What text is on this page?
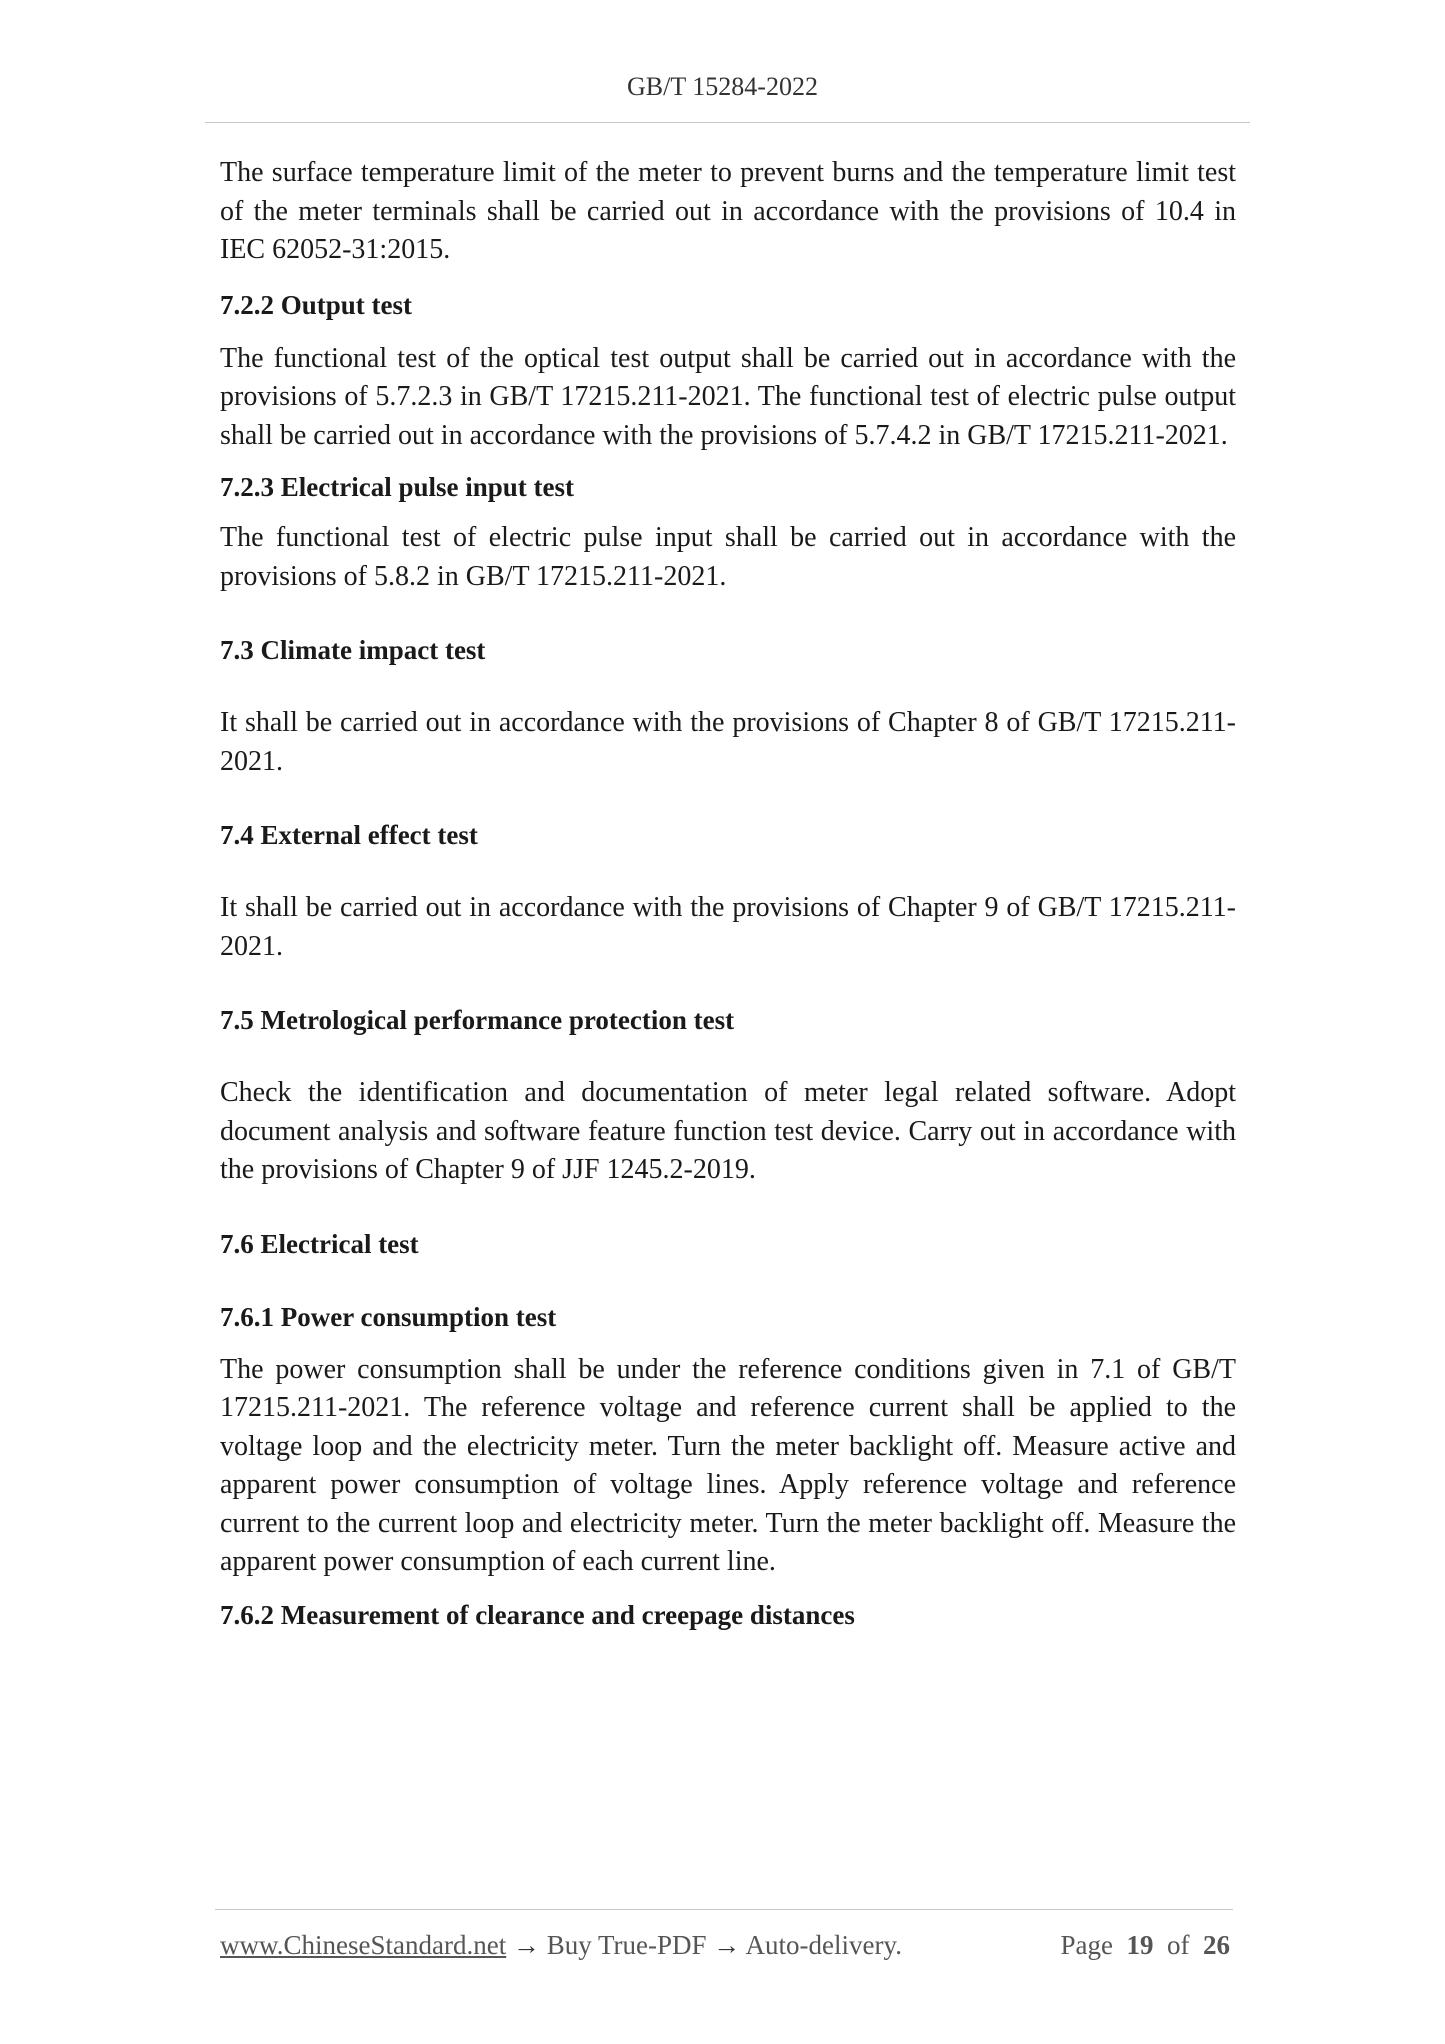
GB/T 15284-2022

The surface temperature limit of the meter to prevent burns and the temperature limit test of the meter terminals shall be carried out in accordance with the provisions of 10.4 in IEC 62052-31:2015.

7.2.2 Output test

The functional test of the optical test output shall be carried out in accordance with the provisions of 5.7.2.3 in GB/T 17215.211-2021. The functional test of electric pulse output shall be carried out in accordance with the provisions of 5.7.4.2 in GB/T 17215.211-2021.

7.2.3 Electrical pulse input test

The functional test of electric pulse input shall be carried out in accordance with the provisions of 5.8.2 in GB/T 17215.211-2021.

7.3 Climate impact test

It shall be carried out in accordance with the provisions of Chapter 8 of GB/T 17215.211-2021.

7.4 External effect test

It shall be carried out in accordance with the provisions of Chapter 9 of GB/T 17215.211-2021.

7.5 Metrological performance protection test

Check the identification and documentation of meter legal related software. Adopt document analysis and software feature function test device. Carry out in accordance with the provisions of Chapter 9 of JJF 1245.2-2019.

7.6 Electrical test
7.6.1 Power consumption test

The power consumption shall be under the reference conditions given in 7.1 of GB/T 17215.211-2021. The reference voltage and reference current shall be applied to the voltage loop and the electricity meter. Turn the meter backlight off. Measure active and apparent power consumption of voltage lines. Apply reference voltage and reference current to the current loop and electricity meter. Turn the meter backlight off. Measure the apparent power consumption of each current line.

7.6.2 Measurement of clearance and creepage distances
www.ChineseStandard.net → Buy True-PDF → Auto-delivery.	Page 19 of 26
